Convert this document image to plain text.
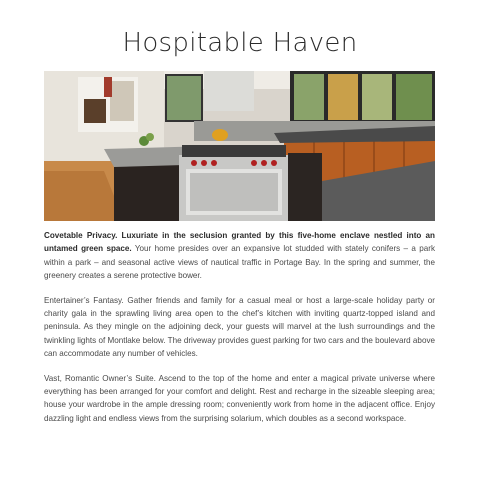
Hospitable Haven

Covetable Privacy. Luxuriate in the seclusion granted by this five-home enclave nestled into an untamed green space. Your home presides over an expansive lot studded with stately conifers – a park within a park – and seasonal active views of nautical traffic in Portage Bay. In the spring and summer, the greenery creates a serene protective bower.

Entertainer’s Fantasy. Gather friends and family for a casual meal or host a large-scale holiday party or charity gala in the sprawling living area open to the chef’s kitchen with inviting quartz-topped island and peninsula. As they mingle on the adjoining deck, your guests will marvel at the lush surroundings and the twinkling lights of Montlake below. The driveway provides guest parking for two cars and the boulevard above can accommodate any number of vehicles.

Vast, Romantic Owner’s Suite. Ascend to the top of the home and enter a magical private universe where everything has been arranged for your comfort and delight. Rest and recharge in the sizeable sleeping area; house your wardrobe in the ample dressing room; conveniently work from home in the adjacent office. Enjoy dazzling light and endless views from the surprising solarium, which doubles as a second workspace.
